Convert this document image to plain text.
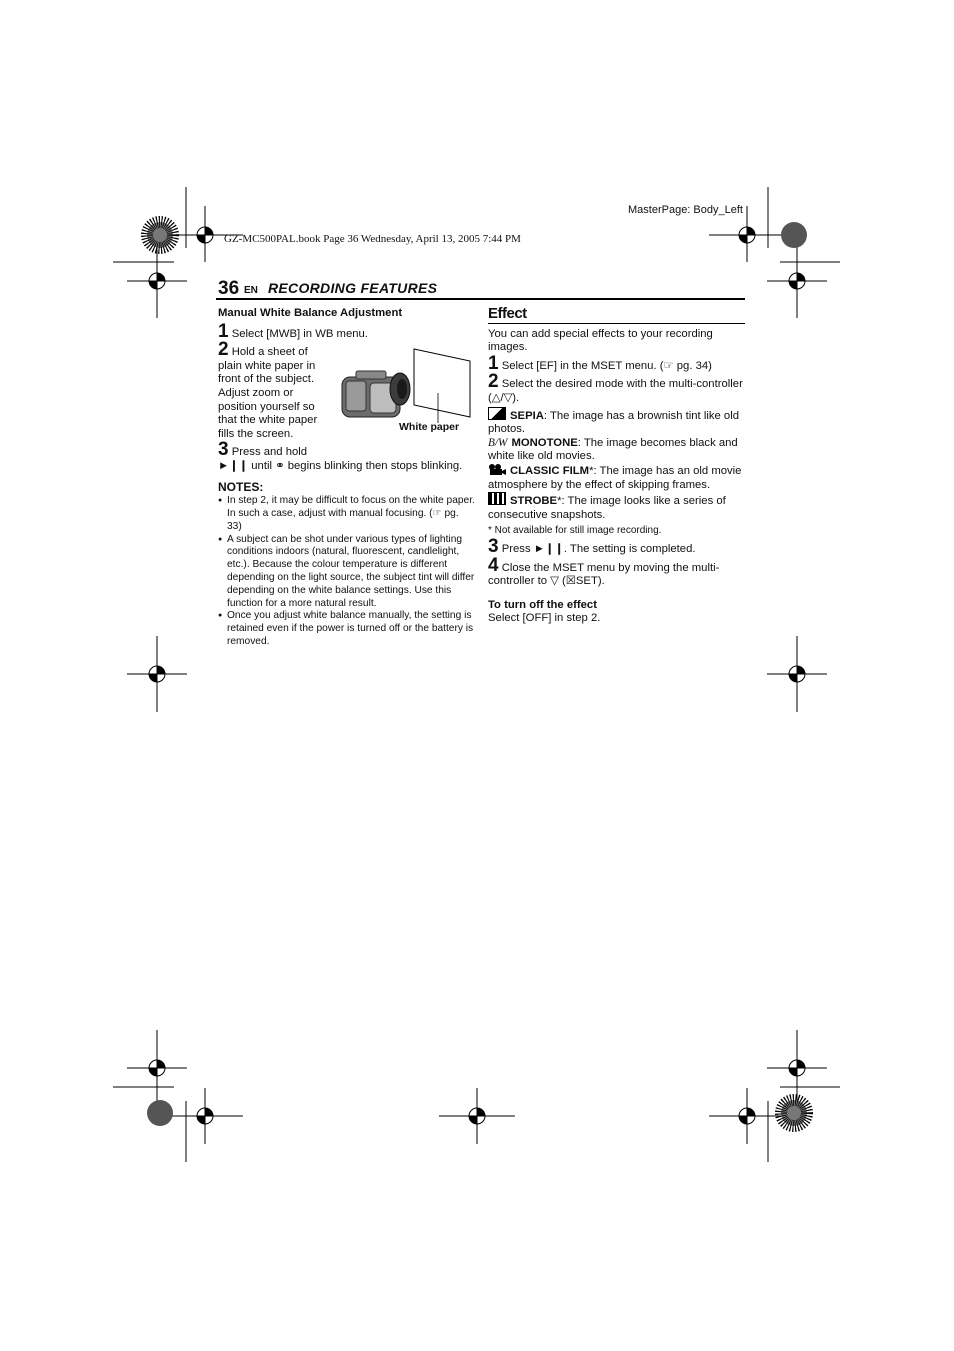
MasterPage: Body_Left
GZ-MC500PAL.book Page 36 Wednesday, April 13, 2005 7:44 PM
36 EN RECORDING FEATURES

Manual White Balance Adjustment

1 Select [MWB] in WB menu.

2 Hold a sheet of plain white paper in front of the subject. Adjust zoom or position yourself so that the white paper fills the screen.

3 Press and hold

►❙❙ until ⚭ begins blinking then stops blinking.

NOTES:

● In step 2, it may be difficult to focus on the white paper. In such a case, adjust with manual focusing. (☞ pg. 33)
● A subject can be shot under various types of lighting conditions indoors (natural, fluorescent, candlelight, etc.). Because the colour temperature is different depending on the light source, the subject tint will differ depending on the white balance settings. Use this function for a more natural result.
● Once you adjust white balance manually, the setting is retained even if the power is turned off or the battery is removed.
White paper

Effect

You can add special effects to your recording images.

1 Select [EF] in the MSET menu. (☞ pg. 34)

2 Select the desired mode with the multi-controller (△/▽).

SEPIA: The image has a brownish tint like old photos.

B/W MONOTONE: The image becomes black and white like old movies.

CLASSIC FILM*: The image has an old movie atmosphere by the effect of skipping frames.

STROBE*: The image looks like a series of consecutive snapshots.

* Not available for still image recording.

3 Press ►❙❙. The setting is completed.

4 Close the MSET menu by moving the multi-controller to ▽ (☒SET).

To turn off the effect

Select [OFF] in step 2.
